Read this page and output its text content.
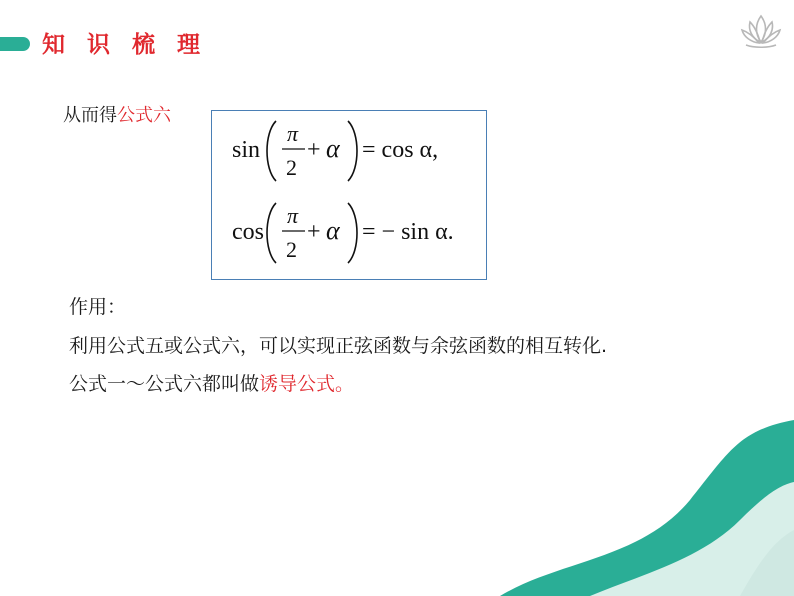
知 识 梳 理
从而得公式六
sin
π
2
+ α = cos α,
cos
π
2
+ α = − sin α.
作用：
利用公式五或公式六，可以实现正弦函数与余弦函数的相互转化.
公式一～公式六都叫做诱导公式。
